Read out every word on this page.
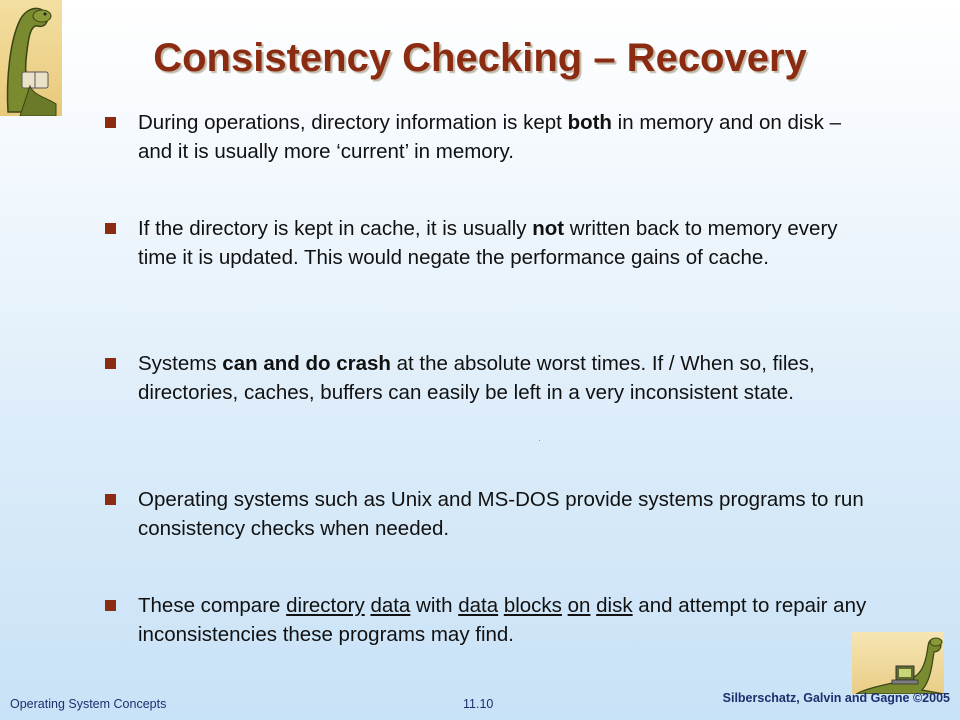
Consistency Checking – Recovery
During operations, directory information is kept both in memory and on disk – and it is usually more ‘current’ in memory.
If the directory is kept in cache, it is usually not written back to memory every time it is updated. This would negate the performance gains of cache.
Systems can and do crash at the absolute worst times. If / When so, files, directories, caches, buffers can easily be left in a very inconsistent state.
Operating systems such as Unix and MS-DOS provide systems programs to run consistency checks when needed.
These compare directory data with data blocks on disk and attempt to repair any inconsistencies these programs may find.
Operating System Concepts	11.10	Silberschatz, Galvin and Gagne ©2005
